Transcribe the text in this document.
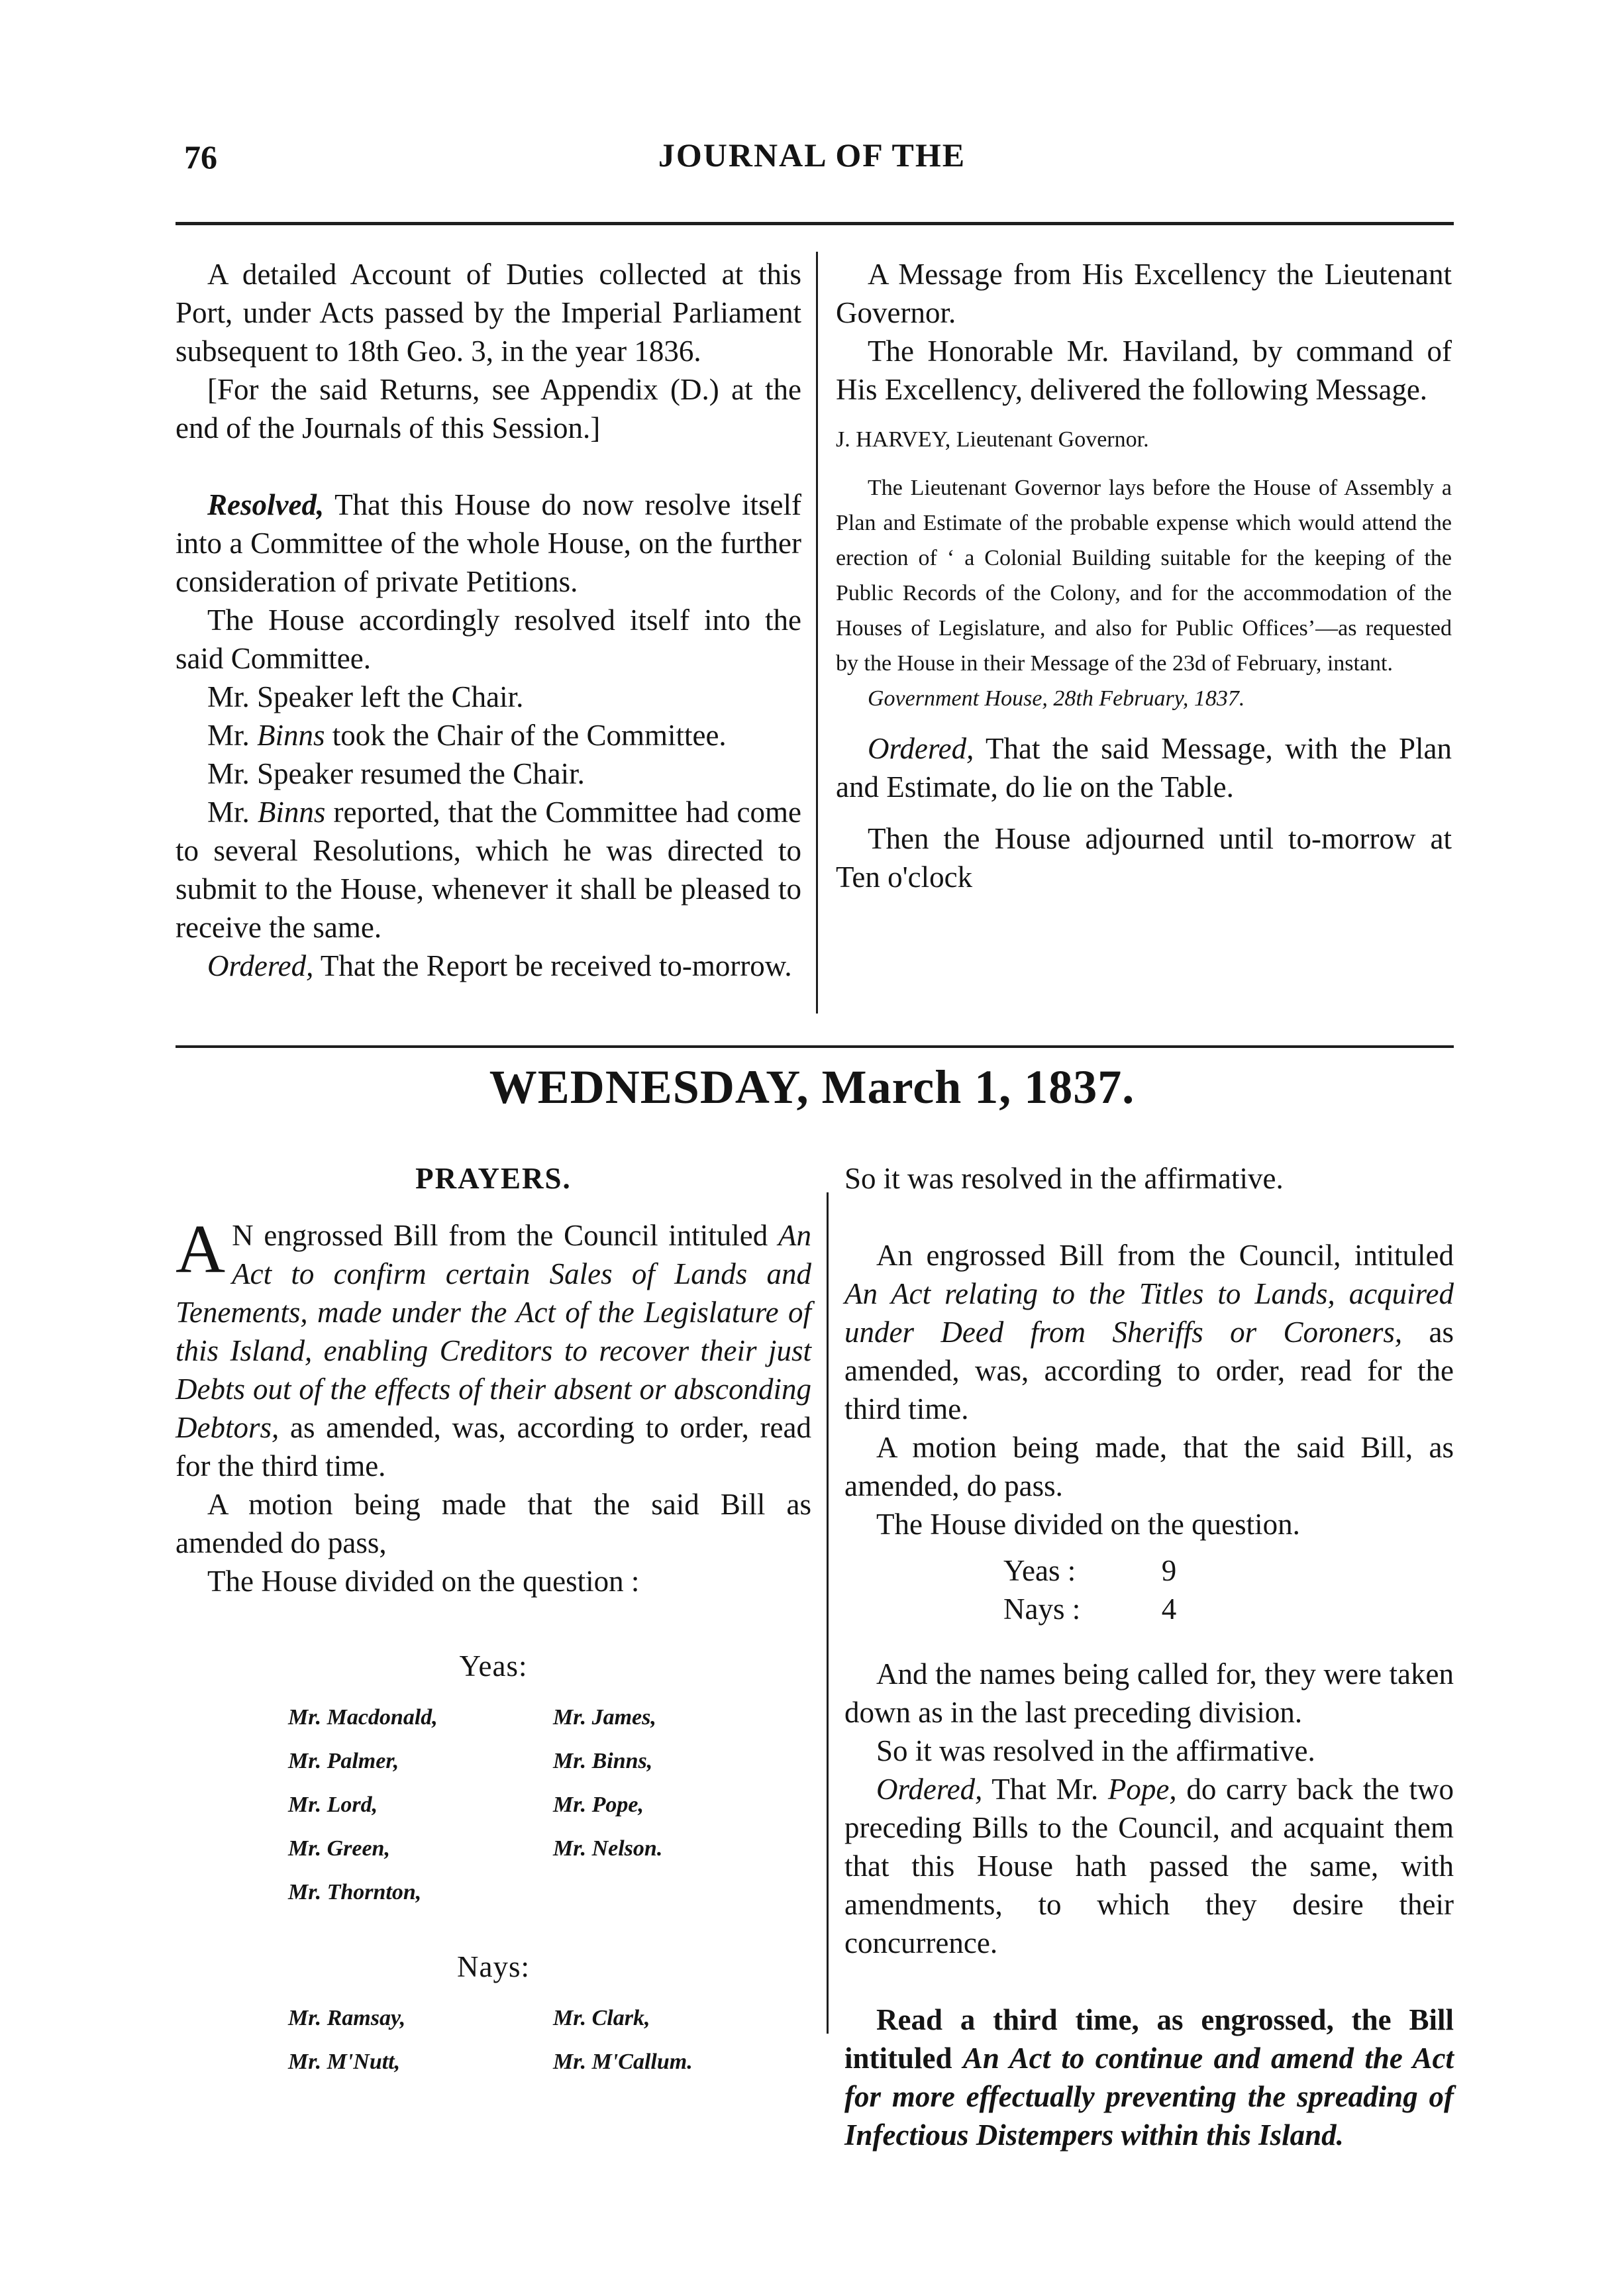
76	JOURNAL OF THE

A detailed Account of Duties collected at this Port, under Acts passed by the Imperial Parliament subsequent to 18th Geo. 3, in the year 1836.

[For the said Returns, see Appendix (D.) at the end of the Journals of this Session.]

Resolved, That this House do now resolve itself into a Committee of the whole House, on the further consideration of private Petitions.

The House accordingly resolved itself into the said Committee.

Mr. Speaker left the Chair.

Mr. Binns took the Chair of the Committee.

Mr. Speaker resumed the Chair.

Mr. Binns reported, that the Committee had come to several Resolutions, which he was directed to submit to the House, whenever it shall be pleased to receive the same.

Ordered, That the Report be received to-morrow.

A Message from His Excellency the Lieutenant Governor.

The Honorable Mr. Haviland, by command of His Excellency, delivered the following Message.

J. HARVEY, Lieutenant Governor.

The Lieutenant Governor lays before the House of Assembly a Plan and Estimate of the probable expense which would attend the erection of ‘ a Colonial Building suitable for the keeping of the Public Records of the Colony, and for the accommodation of the Houses of Legislature, and also for Public Offices’—as requested by the House in their Message of the 23d of February, instant.

Government House, 28th February, 1837.

Ordered, That the said Message, with the Plan and Estimate, do lie on the Table.

Then the House adjourned until to-morrow at Ten o'clock

WEDNESDAY, March 1, 1837.
PRAYERS.

A N engrossed Bill from the Council intituled An Act to confirm certain Sales of Lands and Tenements, made under the Act of the Legislature of this Island, enabling Creditors to recover their just Debts out of the effects of their absent or absconding Debtors, as amended, was, according to order, read for the third time.

A motion being made that the said Bill as amended do pass,

The House divided on the question :

Yeas:
Mr. Macdonald,	Mr. James,
Mr. Palmer,	Mr. Binns,
Mr. Lord,	Mr. Pope,
Mr. Green,	Mr. Nelson.
Mr. Thornton,
Nays:
Mr. Ramsay,	Mr. Clark,
Mr. M'Nutt,	Mr. M'Callum.

So it was resolved in the affirmative.

An engrossed Bill from the Council, intituled An Act relating to the Titles to Lands, acquired under Deed from Sheriffs or Coroners, as amended, was, according to order, read for the third time.

A motion being made, that the said Bill, as amended, do pass.

The House divided on the question.

Yeas :	9
Nays :	4

And the names being called for, they were taken down as in the last preceding division.

So it was resolved in the affirmative.

Ordered, That Mr. Pope, do carry back the two preceding Bills to the Council, and acquaint them that this House hath passed the same, with amendments, to which they desire their concurrence.

Read a third time, as engrossed, the Bill intituled An Act to continue and amend the Act for more effectually preventing the spreading of Infectious Distempers within this Island.
